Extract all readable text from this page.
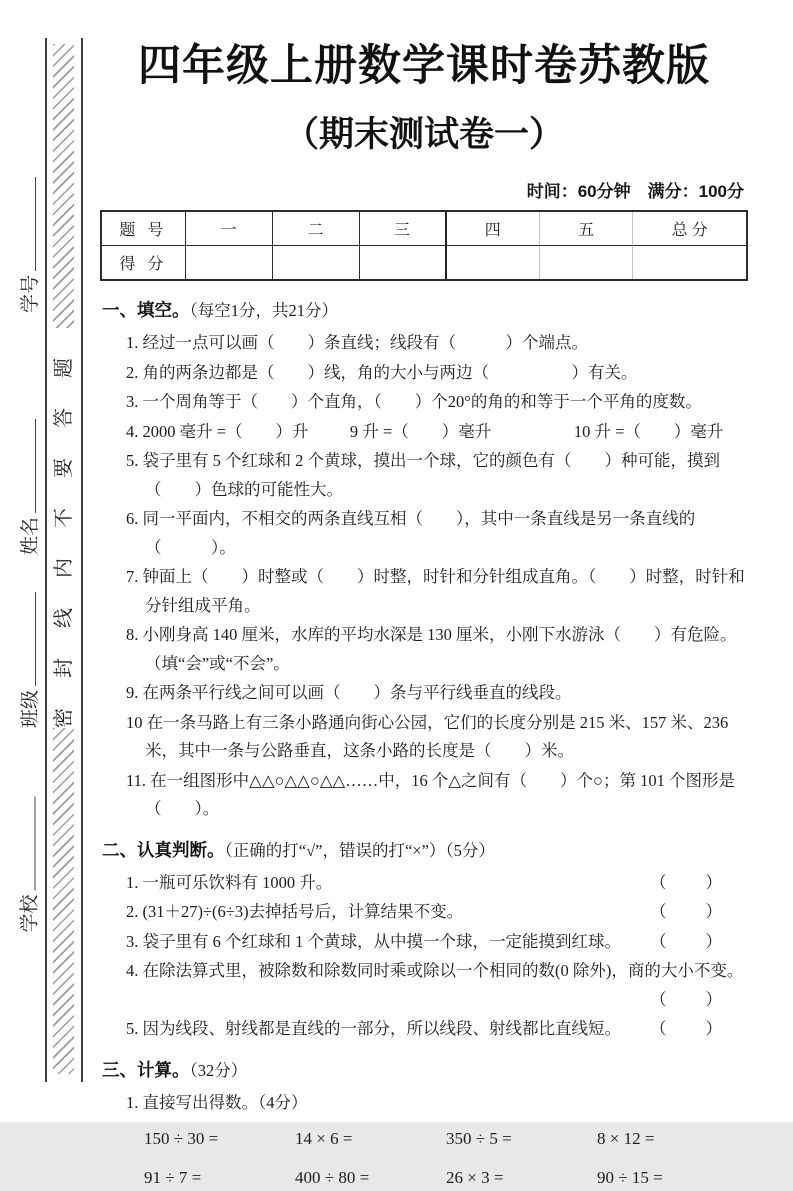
密封线内不要答题
学号
姓名
班级
学校
四年级上册数学课时卷苏教版
（期末测试卷一）
时间：60分钟　满分：100分
题 号	一	二	三	四	五	总 分
得 分						
一、填空。（每空1分，共21分）
1. 经过一点可以画（　　）条直线；线段有（　　　）个端点。
2. 角的两条边都是（　　）线，角的大小与两边（　　　　　）有关。
3. 一个周角等于（　　）个直角，（　　）个20°的角的和等于一个平角的度数。
4. 2000 毫升 =（　　）升	9 升 =（　　）毫升	10 升 =（　　）毫升
5. 袋子里有 5 个红球和 2 个黄球，摸出一个球，它的颜色有（　　）种可能，摸到（　　）色球的可能性大。
6. 同一平面内，不相交的两条直线互相（　　），其中一条直线是另一条直线的（　　　）。
7. 钟面上（　　）时整或（　　）时整，时针和分针组成直角。（　　）时整，时针和分针组成平角。
8. 小刚身高 140 厘米，水库的平均水深是 130 厘米，小刚下水游泳（　　）有危险。（填“会”或“不会”。
9. 在两条平行线之间可以画（　　）条与平行线垂直的线段。
10 在一条马路上有三条小路通向街心公园，它们的长度分别是 215 米、157 米、236 米，其中一条与公路垂直，这条小路的长度是（　　）米。
11. 在一组图形中△△○△△○△△……中，16 个△之间有（　　）个○；第 101 个图形是（　　）。
二、认真判断。（正确的打“√”，错误的打“×”）（5分）
1. 一瓶可乐饮料有 1000 升。	（　　）
2. (31＋27)÷(6÷3)去掉括号后，计算结果不变。	（　　）
3. 袋子里有 6 个红球和 1 个黄球，从中摸一个球，一定能摸到红球。 （　　）
4. 在除法算式里，被除数和除数同时乘或除以一个相同的数(0 除外)，商的大小不变。
（　　）
5. 因为线段、射线都是直线的一部分，所以线段、射线都比直线短。 （　　）
三、计算。（32分）
1. 直接写出得数。（4分）
150 ÷ 30 =	14 × 6 =	350 ÷ 5 =	8 × 12 =
91 ÷ 7 =	400 ÷ 80 =	26 × 3 =	90 ÷ 15 =
